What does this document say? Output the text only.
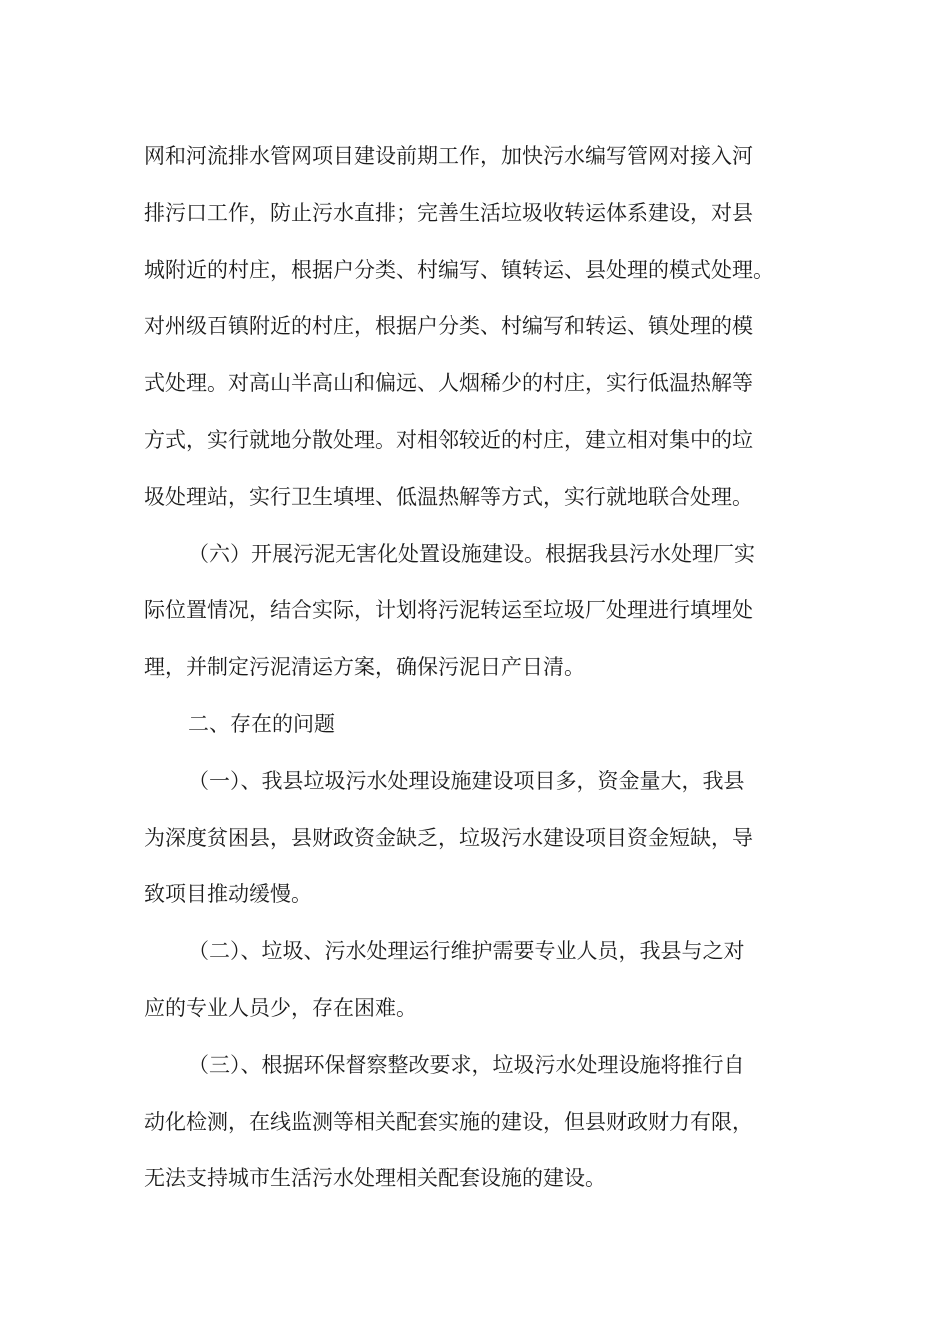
网和河流排水管网项目建设前期工作，加快污水编写管网对接入河
排污口工作，防止污水直排；完善生活垃圾收转运体系建设，对县
城附近的村庄，根据户分类、村编写、镇转运、县处理的模式处理。
对州级百镇附近的村庄，根据户分类、村编写和转运、镇处理的模
式处理。对高山半高山和偏远、人烟稀少的村庄，实行低温热解等
方式，实行就地分散处理。对相邻较近的村庄，建立相对集中的垃
圾处理站，实行卫生填埋、低温热解等方式，实行就地联合处理。
（六）开展污泥无害化处置设施建设。根据我县污水处理厂实
际位置情况，结合实际，计划将污泥转运至垃圾厂处理进行填埋处
理，并制定污泥清运方案，确保污泥日产日清。
二、存在的问题
（一）、我县垃圾污水处理设施建设项目多，资金量大，我县
为深度贫困县，县财政资金缺乏，垃圾污水建设项目资金短缺，导
致项目推动缓慢。
（二）、垃圾、污水处理运行维护需要专业人员，我县与之对
应的专业人员少，存在困难。
（三）、根据环保督察整改要求，垃圾污水处理设施将推行自
动化检测，在线监测等相关配套实施的建设，但县财政财力有限，
无法支持城市生活污水处理相关配套设施的建设。
